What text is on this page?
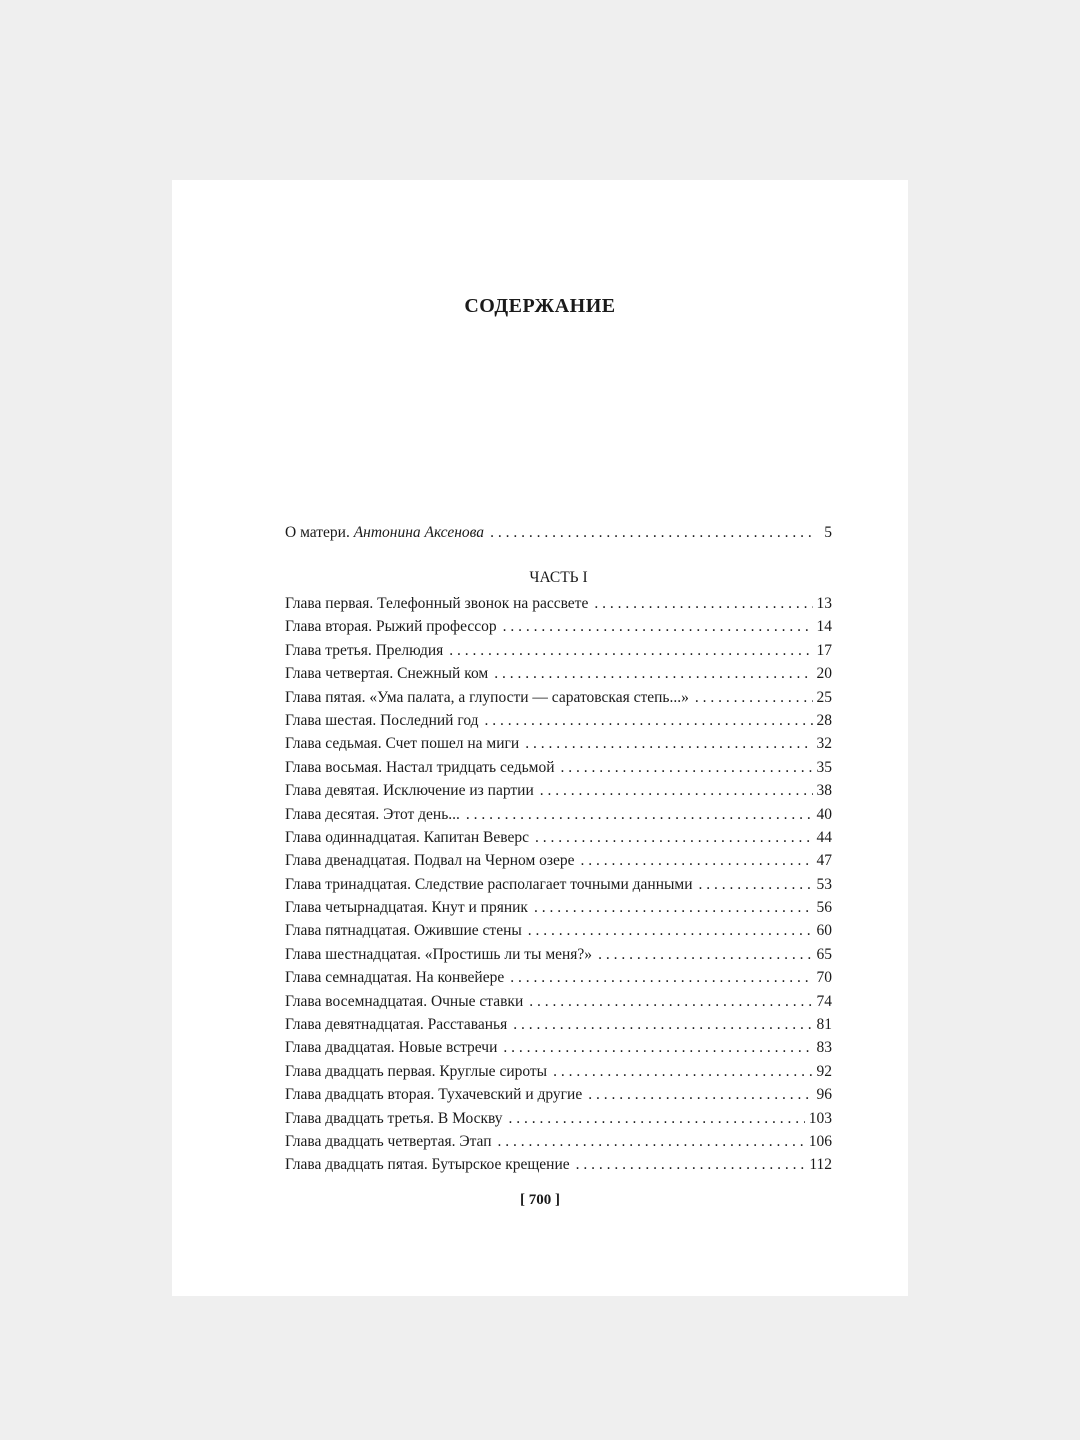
СОДЕРЖАНИЕ
О матери. Антонина Аксенова . . .	5

ЧАСТЬ I

Глава первая. Телефонный звонок на рассвете . . .	13
Глава вторая. Рыжий профессор . . .	14
Глава третья. Прелюдия . . .	17
Глава четвертая. Снежный ком . . .	20
Глава пятая. «Ума палата, а глупости — саратовская степь...» . . .	25
Глава шестая. Последний год . . .	28
Глава седьмая. Счет пошел на миги . . .	32
Глава восьмая. Настал тридцать седьмой . . .	35
Глава девятая. Исключение из партии . . .	38
Глава десятая. Этот день... . . .	40
Глава одиннадцатая. Капитан Веверс . . .	44
Глава двенадцатая. Подвал на Черном озере . . .	47
Глава тринадцатая. Следствие располагает точными данными . . .	53
Глава четырнадцатая. Кнут и пряник . . .	56
Глава пятнадцатая. Ожившие стены . . .	60
Глава шестнадцатая. «Простишь ли ты меня?» . . .	65
Глава семнадцатая. На конвейере . . .	70
Глава восемнадцатая. Очные ставки . . .	74
Глава девятнадцатая. Расставанья . . .	81
Глава двадцатая. Новые встречи . . .	83
Глава двадцать первая. Круглые сироты . . .	92
Глава двадцать вторая. Тухачевский и другие . . .	96
Глава двадцать третья. В Москву . . .	103
Глава двадцать четвертая. Этап . . .	106
Глава двадцать пятая. Бутырское крещение . . .	112
[ 700 ]
